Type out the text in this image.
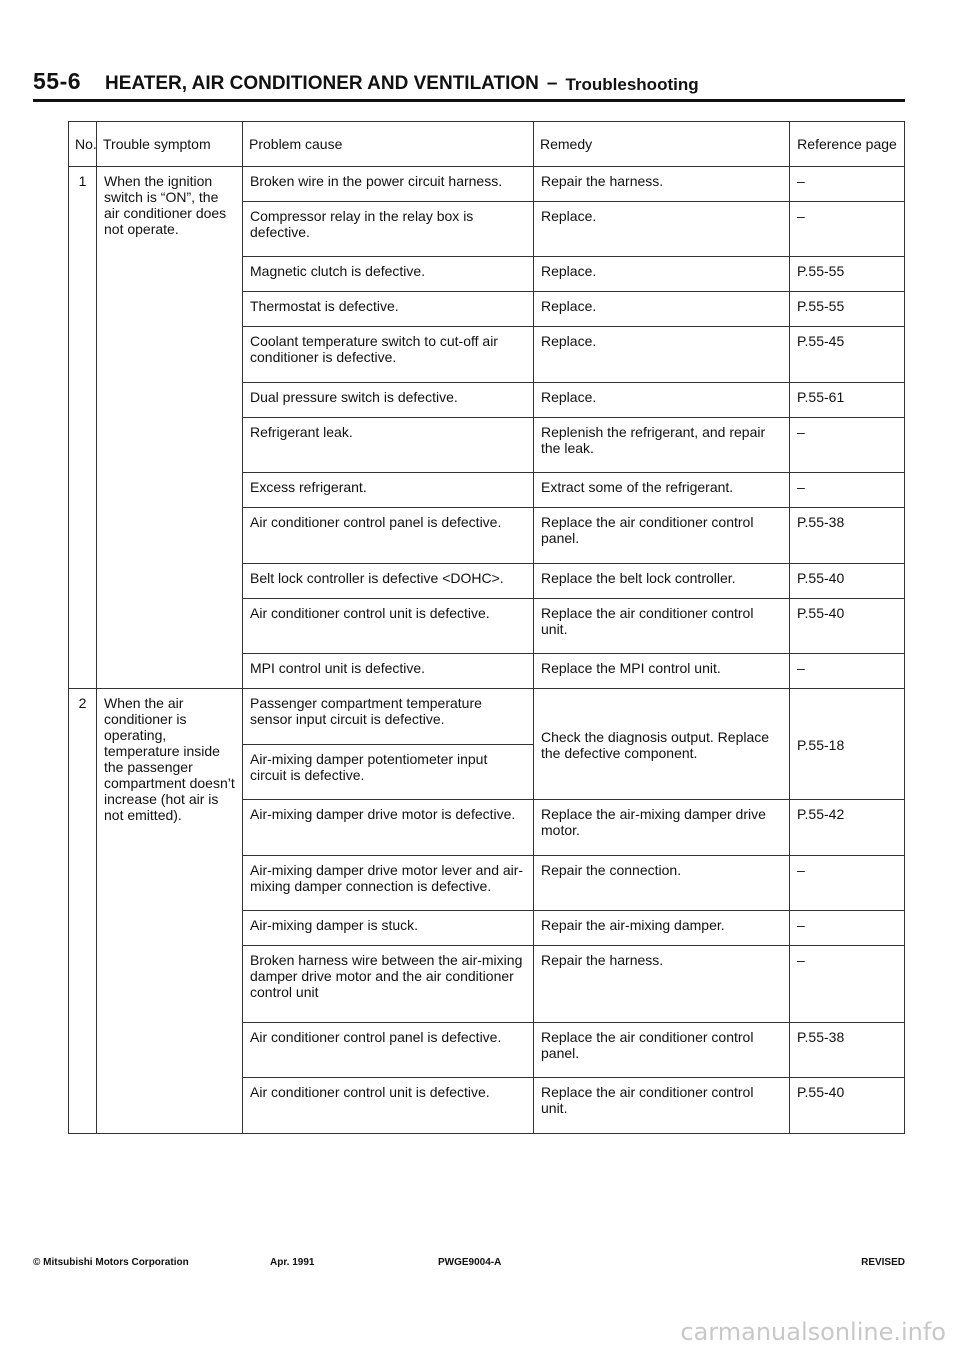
55-6 HEATER, AIR CONDITIONER AND VENTILATION – Troubleshooting
No.	Trouble symptom	Problem cause	Remedy	Reference page
1	When the ignition switch is “ON”, the air conditioner does not operate.	Broken wire in the power circuit harness.	Repair the harness.	–
		Compressor relay in the relay box is defective.	Replace.	–
		Magnetic clutch is defective.	Replace.	P.55-55
		Thermostat is defective.	Replace.	P.55-55
		Coolant temperature switch to cut-off air conditioner is defective.	Replace.	P.55-45
		Dual pressure switch is defective.	Replace.	P.55-61
		Refrigerant leak.	Replenish the refrigerant, and repair the leak.	–
		Excess refrigerant.	Extract some of the refrigerant.	–
		Air conditioner control panel is defective.	Replace the air conditioner control panel.	P.55-38
		Belt lock controller is defective <DOHC>.	Replace the belt lock controller.	P.55-40
		Air conditioner control unit is defective.	Replace the air conditioner control unit.	P.55-40
		MPI control unit is defective.	Replace the MPI control unit.	–
2	When the air conditioner is operating, temperature inside the passenger compartment doesn’t increase (hot air is not emitted).	Passenger compartment temperature sensor input circuit is defective.	Check the diagnosis output. Replace the defective component.	P.55-18
		Air-mixing damper potentiometer input circuit is defective.		
		Air-mixing damper drive motor is defective.	Replace the air-mixing damper drive motor.	P.55-42
		Air-mixing damper drive motor lever and air-mixing damper connection is defective.	Repair the connection.	–
		Air-mixing damper is stuck.	Repair the air-mixing damper.	–
		Broken harness wire between the air-mixing damper drive motor and the air conditioner control unit	Repair the harness.	–
		Air conditioner control panel is defective.	Replace the air conditioner control panel.	P.55-38
		Air conditioner control unit is defective.	Replace the air conditioner control unit.	P.55-40
© Mitsubishi Motors Corporation	Apr. 1991	PWGE9004-A	REVISED
carmanualsonline.info
